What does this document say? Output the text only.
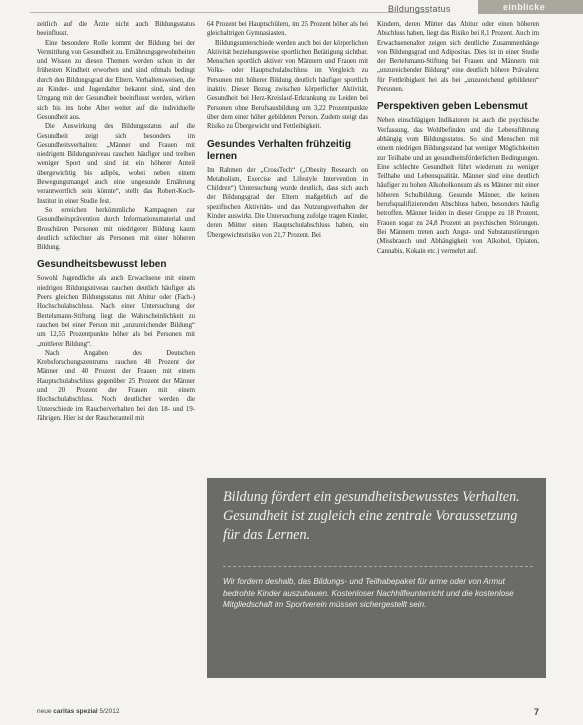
Bildungsstatus	einblicke

zeitlich auf die Ärzte nicht auch Bildungsstatus beeinflusst.

Eine besondere Rolle kommt der Bildung bei der Vermittlung von Gesundheit zu. Ernährungsgewohnheiten und Wissen zu diesen Themen werden schon in der frühesten Kindheit erworben und sind oftmals bedingt durch den Bildungsgrad der Eltern. Verhaltensweisen, die zu Kinder- und Jugendalter bekannt sind, sind den Umgang mit der Gesundheit beeinflusst werden, wirken sich bis ins hohe Alter weiter auf die individuelle Gesundheit aus.

Die Auswirkung des Bildungsstatus auf die Gesundheit zeigt sich besonders im Gesundheitsverhalten: „Männer und Frauen mit niedrigem Bildungsniveau rauchen häufiger und treiben weniger Sport und sind ist ein höherer Anteil übergewichtig bis adipös, wobei neben einem Bewegungsmangel auch eine ungesunde Ernährung verantwortlich sein könnte“, stellt das Robert-Koch-Institut in einer Studie fest.

So erreichen herkömmliche Kampagnen zur Gesundheitsprävention durch Informationsmaterial und Broschüren Personen mit niedrigerer Bildung kaum deutlich schlechter als Personen mit einer höheren Bildung.

Gesundheitsbewusst leben

Sowohl Jugendliche als auch Erwachsene mit einem niedrigen Bildungsniveau rauchen deutlich häufiger als Peers gleichen Bildungsstatus mit Abitur oder (Fach-) Hochschulabschluss. Nach einer Untersuchung der Bertelsmann-Stiftung liegt die Wahrscheinlichkeit zu rauchen bei einer Person mit „unzureichender Bildung“ um 12,55 Prozentpunkte höher als bei Personen mit „mittlerer Bildung“.

Nach Angaben des Deutschen Krebsforschungszentrums rauchen 48 Prozent der Männer und 40 Prozent der Frauen mit einem Hauptschulabschluss gegenüber 25 Prozent der Männer und 20 Prozent der Frauen mit einem Hochschulabschluss. Noch deutlicher werden die Unterschiede im Raucherverhalten bei den 18- und 19-Jährigen. Hier ist der Raucheranteil mit

64 Prozent bei Hauptschülern, im 25 Prozent höher als bei gleichaltrigen Gymnasiasten.

Bildungsunterschiede werden auch bei der körperlichen Aktivität beziehungsweise sportlichen Betätigung sichtbar. Menschen sportlich aktiver von Männern und Frauen mit Volks- oder Hauptschulabschluss im Vergleich zu Personen mit höherer Bildung deutlich häufiger sportlich inaktiv. Dieser Bezug zwischen körperlicher Aktivität, Gesundheit bei Herz-Kreislauf-Erkrankung zu Leiden bei Personen ohne Berufsausbildung um 3,22 Prozentpunkte über dem einer höher gebildeten Person. Zudem steigt das Risiko zu Übergewicht und Fettleibigkeit.

Gesundes Verhalten frühzeitig lernen

Im Rahmen der „CrossTech“ („Obesity Research on Metabolism, Exercise and Lifestyle Intervention in Children“) Untersuchung wurde deutlich, dass sich auch der Bildungsgrad der Eltern maßgeblich auf die spezifischen Aktivitäts- und das Nutzungsverhalten der Kinder auswirkt. Die Untersuchung zufolge tragen Kinder, deren Mütter einen Hauptschulabschluss haben, ein Übergewichtsrisiko von 21,7 Prozent. Bei

Kindern, deren Mütter das Abitur oder einen höheren Abschluss haben, liegt das Risiko bei 8,1 Prozent. Auch im Erwachsenenalter zeigen sich deutliche Zusammenhänge von Bildungsgrad und Adipositas. Dies ist in einer Studie der Bertelsmann-Stiftung bei Frauen und Männern mit „unzureichender Bildung“ eine deutlich höhere Prävalenz für Fettleibigkeit bei als bei „unzureichend gebildeten“ Personen.

Perspektiven geben Lebensmut

Neben einschlägigen Indikatoren ist auch die psychische Verfassung, das Wohlbefinden und die Lebensführung abhängig vom Bildungsstatus. So sind Menschen mit einem niedrigen Bildungsstand hat weniger Möglichkeiten zur Teilhabe und an gesundheitsförderlichen Bedingungen. Eine schlechte Gesundheit führt wiederum zu weniger Teilhabe und Lebensqualität. Männer sind eine deutlich häufiger zu hohen Alkoholkonsum als es Männer mit einer höheren Schulbildung. Gesunde Männer, die keinen berufsqualifizierenden Abschluss haben, besonders häufig betroffen. Männer leiden in dieser Gruppe zu 18 Prozent, Frauen sogar zu 24,8 Prozent an psychischen Störungen. Bei Männern treten auch Angst- und Substanzstörungen (Missbrauch und Abhängigkeit von Alkohol, Opiaten, Cannabis, Kokain etc.) vermehrt auf.

Bildung fördert ein gesundheitsbewusstes Verhalten. Gesundheit ist zugleich eine zentrale Voraussetzung für das Lernen.
Wir fordern deshalb, das Bildungs- und Teilhabepaket für arme oder von Armut bedrohte Kinder auszubauen. Kostenloser Nachhilfeunterricht und die kostenlose Mitgliedschaft im Sportverein müssen sichergestellt sein.
neue caritas spezial 5/2012	7
